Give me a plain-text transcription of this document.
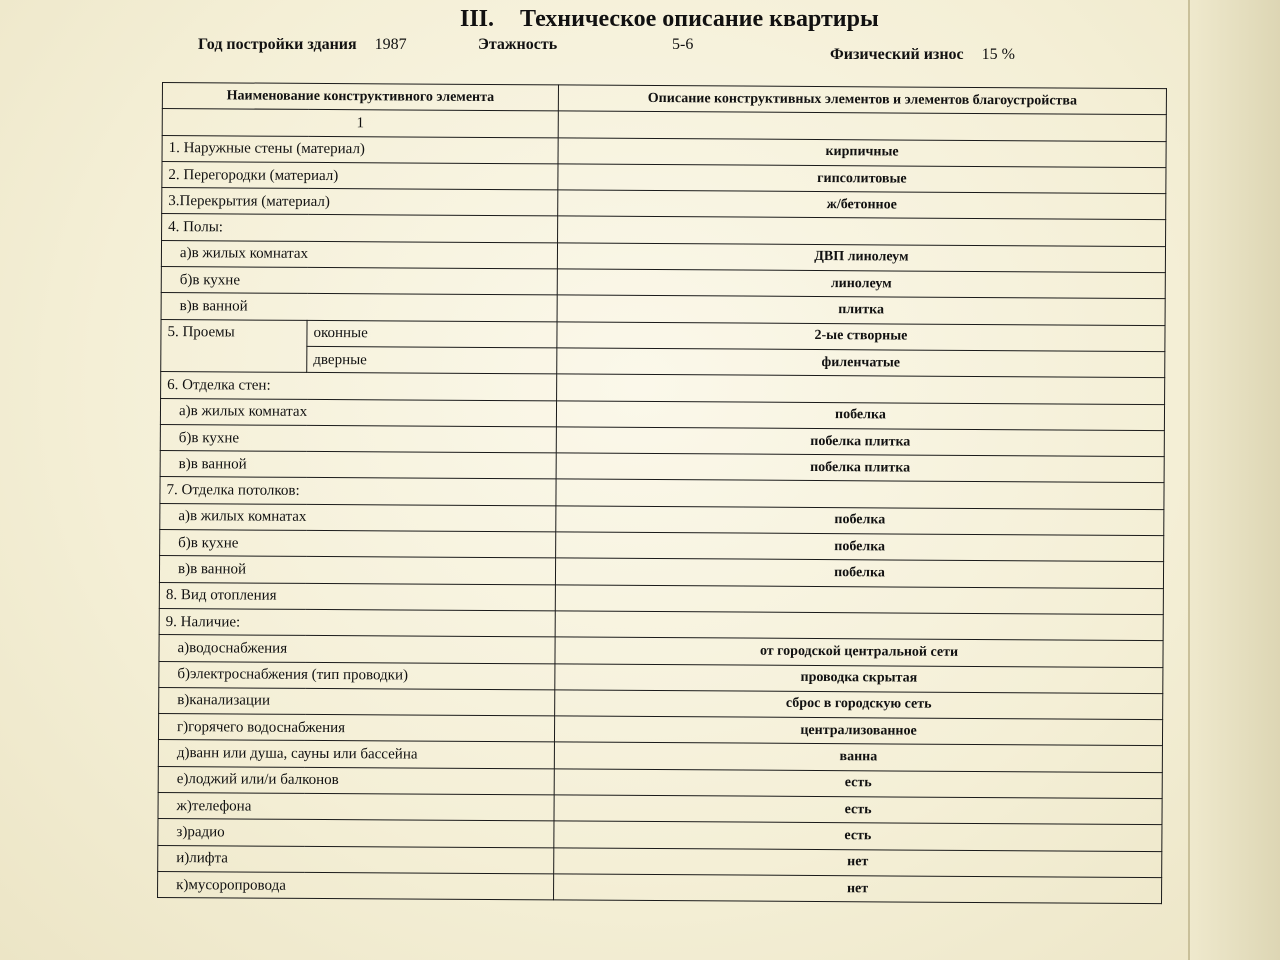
III. Техническое описание квартиры
Год постройки здания 1987	Этажность	5-6
Физический износ 15 %
Наименование конструктивного элемента		Описание конструктивных элементов и элементов благоустройства
1		
1. Наружные стены (материал)		кирпичные
2. Перегородки (материал)		гипсолитовые
3.Перекрытия (материал)		ж/бетонное
4. Полы:		
а)в жилых комнатах		ДВП линолеум
б)в кухне		линолеум
в)в ванной		плитка
5. Проемы	оконные	2-ые створные
	дверные	филенчатые
6. Отделка стен:		
а)в жилых комнатах		побелка
б)в кухне		побелка плитка
в)в ванной		побелка плитка
7. Отделка потолков:		
а)в жилых комнатах		побелка
б)в кухне		побелка
в)в ванной		побелка
8. Вид отопления		
9. Наличие:		
а)водоснабжения		от городской центральной сети
б)электроснабжения (тип проводки)		проводка скрытая
в)канализации		сброс в городскую сеть
г)горячего водоснабжения		централизованное
д)ванн или душа, сауны или бассейна		ванна
е)лоджий или/и балконов		есть
ж)телефона		есть
з)радио		есть
и)лифта		нет
к)мусоропровода		нет
